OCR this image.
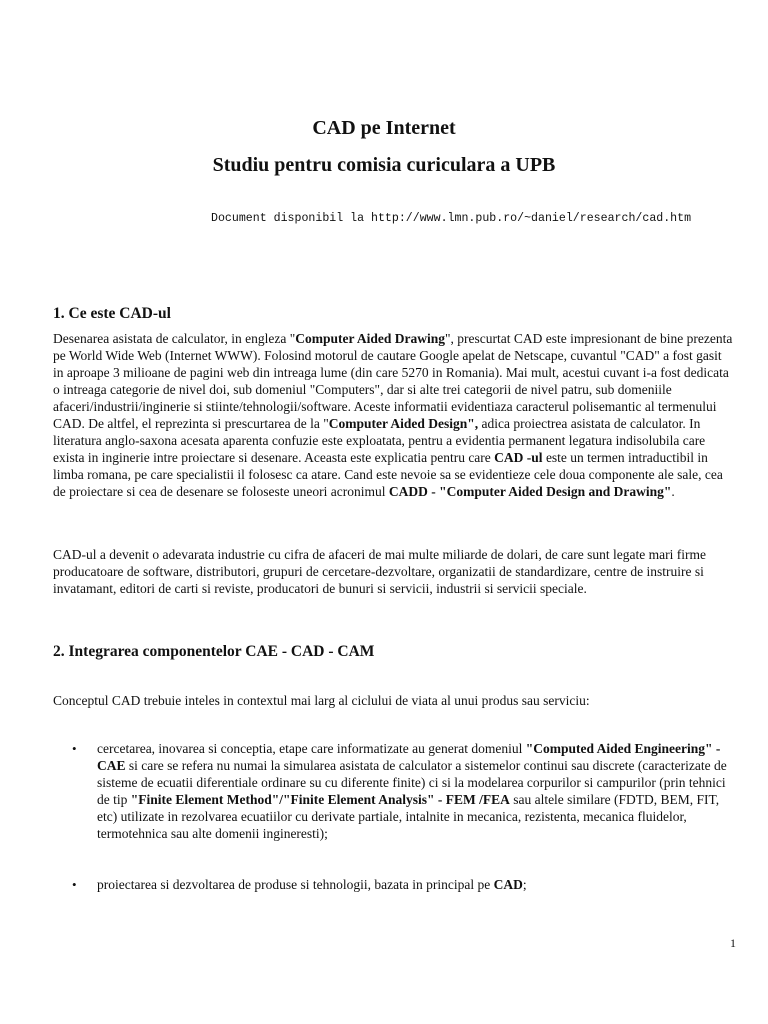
CAD pe Internet
Studiu pentru comisia curiculara a UPB

Document disponibil la http://www.lmn.pub.ro/~daniel/research/cad.htm

1. Ce este CAD-ul

Desenarea asistata de calculator, in engleza "Computer Aided Drawing", prescurtat CAD este impresionant de bine prezenta pe World Wide Web (Internet WWW). Folosind motorul de cautare Google apelat de Netscape, cuvantul "CAD" a fost gasit in aproape 3 milioane de pagini web din intreaga lume (din care 5270 in Romania). Mai mult, acestui cuvant i-a fost dedicata o intreaga categorie de nivel doi, sub domeniul "Computers", dar si alte trei categorii de nivel patru, sub domeniile afaceri/industrii/inginerie si stiinte/tehnologii/software. Aceste informatii evidentiaza caracterul polisemantic al termenului CAD. De altfel, el reprezinta si prescurtarea de la "Computer Aided Design", adica proiectrea asistata de calculator. In literatura anglo-saxona acesata aparenta confuzie este exploatata, pentru a evidentia permanent legatura indisolubila care exista in inginerie intre proiectare si desenare. Aceasta este explicatia pentru care CAD -ul este un termen intraductibil in limba romana, pe care specialistii il folosesc ca atare. Cand este nevoie sa se evidentieze cele doua componente ale sale, cea de proiectare si cea de desenare se foloseste uneori acronimul CADD - "Computer Aided Design and Drawing".

CAD-ul a devenit o adevarata industrie cu cifra de afaceri de mai multe miliarde de dolari, de care sunt legate mari firme producatoare de software, distributori, grupuri de cercetare-dezvoltare, organizatii de standardizare, centre de instruire si invatamant, editori de carti si reviste, producatori de bunuri si servicii, industrii si servicii speciale.

2. Integrarea componentelor CAE - CAD - CAM

Conceptul CAD trebuie inteles in contextul mai larg al ciclului de viata al unui produs sau serviciu:

•	cercetarea, inovarea si conceptia, etape care informatizate au generat domeniul "Computed Aided Engineering" - CAE si care se refera nu numai la simularea asistata de calculator a sistemelor continui sau discrete (caracterizate de sisteme de ecuatii diferentiale ordinare su cu diferente finite) ci si la modelarea corpurilor si campurilor (prin tehnici de tip "Finite Element Method"/"Finite Element Analysis" - FEM /FEA sau altele similare (FDTD, BEM, FIT, etc) utilizate in rezolvarea ecuatiilor cu derivate partiale, intalnite in mecanica, rezistenta, mecanica fluidelor, termotehnica sau alte domenii ingineresti);

•	proiectarea si dezvoltarea de produse si tehnologii, bazata in principal pe CAD;

1
